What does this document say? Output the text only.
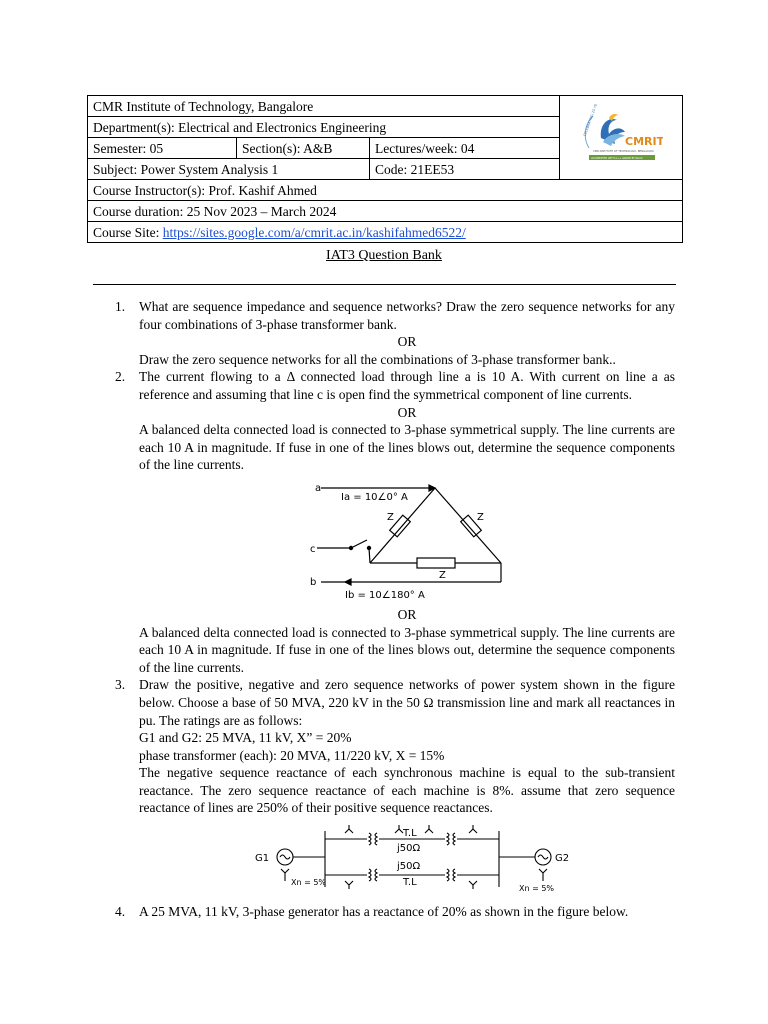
CMR Institute of Technology, Bangalore			CELEBRATING 25 YEARS
CMRIT
CMR INSTITUTE OF TECHNOLOGY, BENGALURU
ACCREDITED WITH A++ GRADE BY NAAC

Department(s): Electrical and Electronics Engineering			
Semester: 05	Section(s): A&B	Lectures/week: 04	
Subject: Power System Analysis 1		Code: 21EE53	
Course Instructor(s): Prof. Kashif Ahmed			
Course duration: 25 Nov 2023 – March 2024			
Course Site: https://sites.google.com/a/cmrit.ac.in/kashifahmed6522/			
IAT3 Question Bank
1. What are sequence impedance and sequence networks? Draw the zero sequence networks for any four combinations of 3-phase transformer bank.
OR
Draw the zero sequence networks for all the combinations of 3-phase transformer bank..
2. The current flowing to a Δ connected load through line a is 10 A. With current on line a as reference and assuming that line c is open find the symmetrical component of line currents.
OR
A balanced delta connected load is connected to 3-phase symmetrical supply. The line currents are each 10 A in magnitude. If fuse in one of the lines blows out, determine the sequence components of the line currents.
a
Ia = 10∠0° A
Z	Z
c
Z
b
Ib = 10∠180° A
OR
A balanced delta connected load is connected to 3-phase symmetrical supply. The line currents are each 10 A in magnitude. If fuse in one of the lines blows out, determine the sequence components of the line currents.
3. Draw the positive, negative and zero sequence networks of power system shown in the figure below. Choose a base of 50 MVA, 220 kV in the 50 Ω transmission line and mark all reactances in pu. The ratings are as follows:
G1 and G2: 25 MVA, 11 kV, X” = 20%
phase transformer (each): 20 MVA, 11/220 kV, X = 15%
The negative sequence reactance of each synchronous machine is equal to the sub-transient reactance. The zero sequence reactance of each machine is 8%. assume that zero sequence reactance of lines are 250% of their positive sequence reactances.
G1	G2
T.L
j50Ω
j50Ω
T.L
Xn = 5%
Xn = 5%
4. A 25 MVA, 11 kV, 3-phase generator has a reactance of 20% as shown in the figure below.
